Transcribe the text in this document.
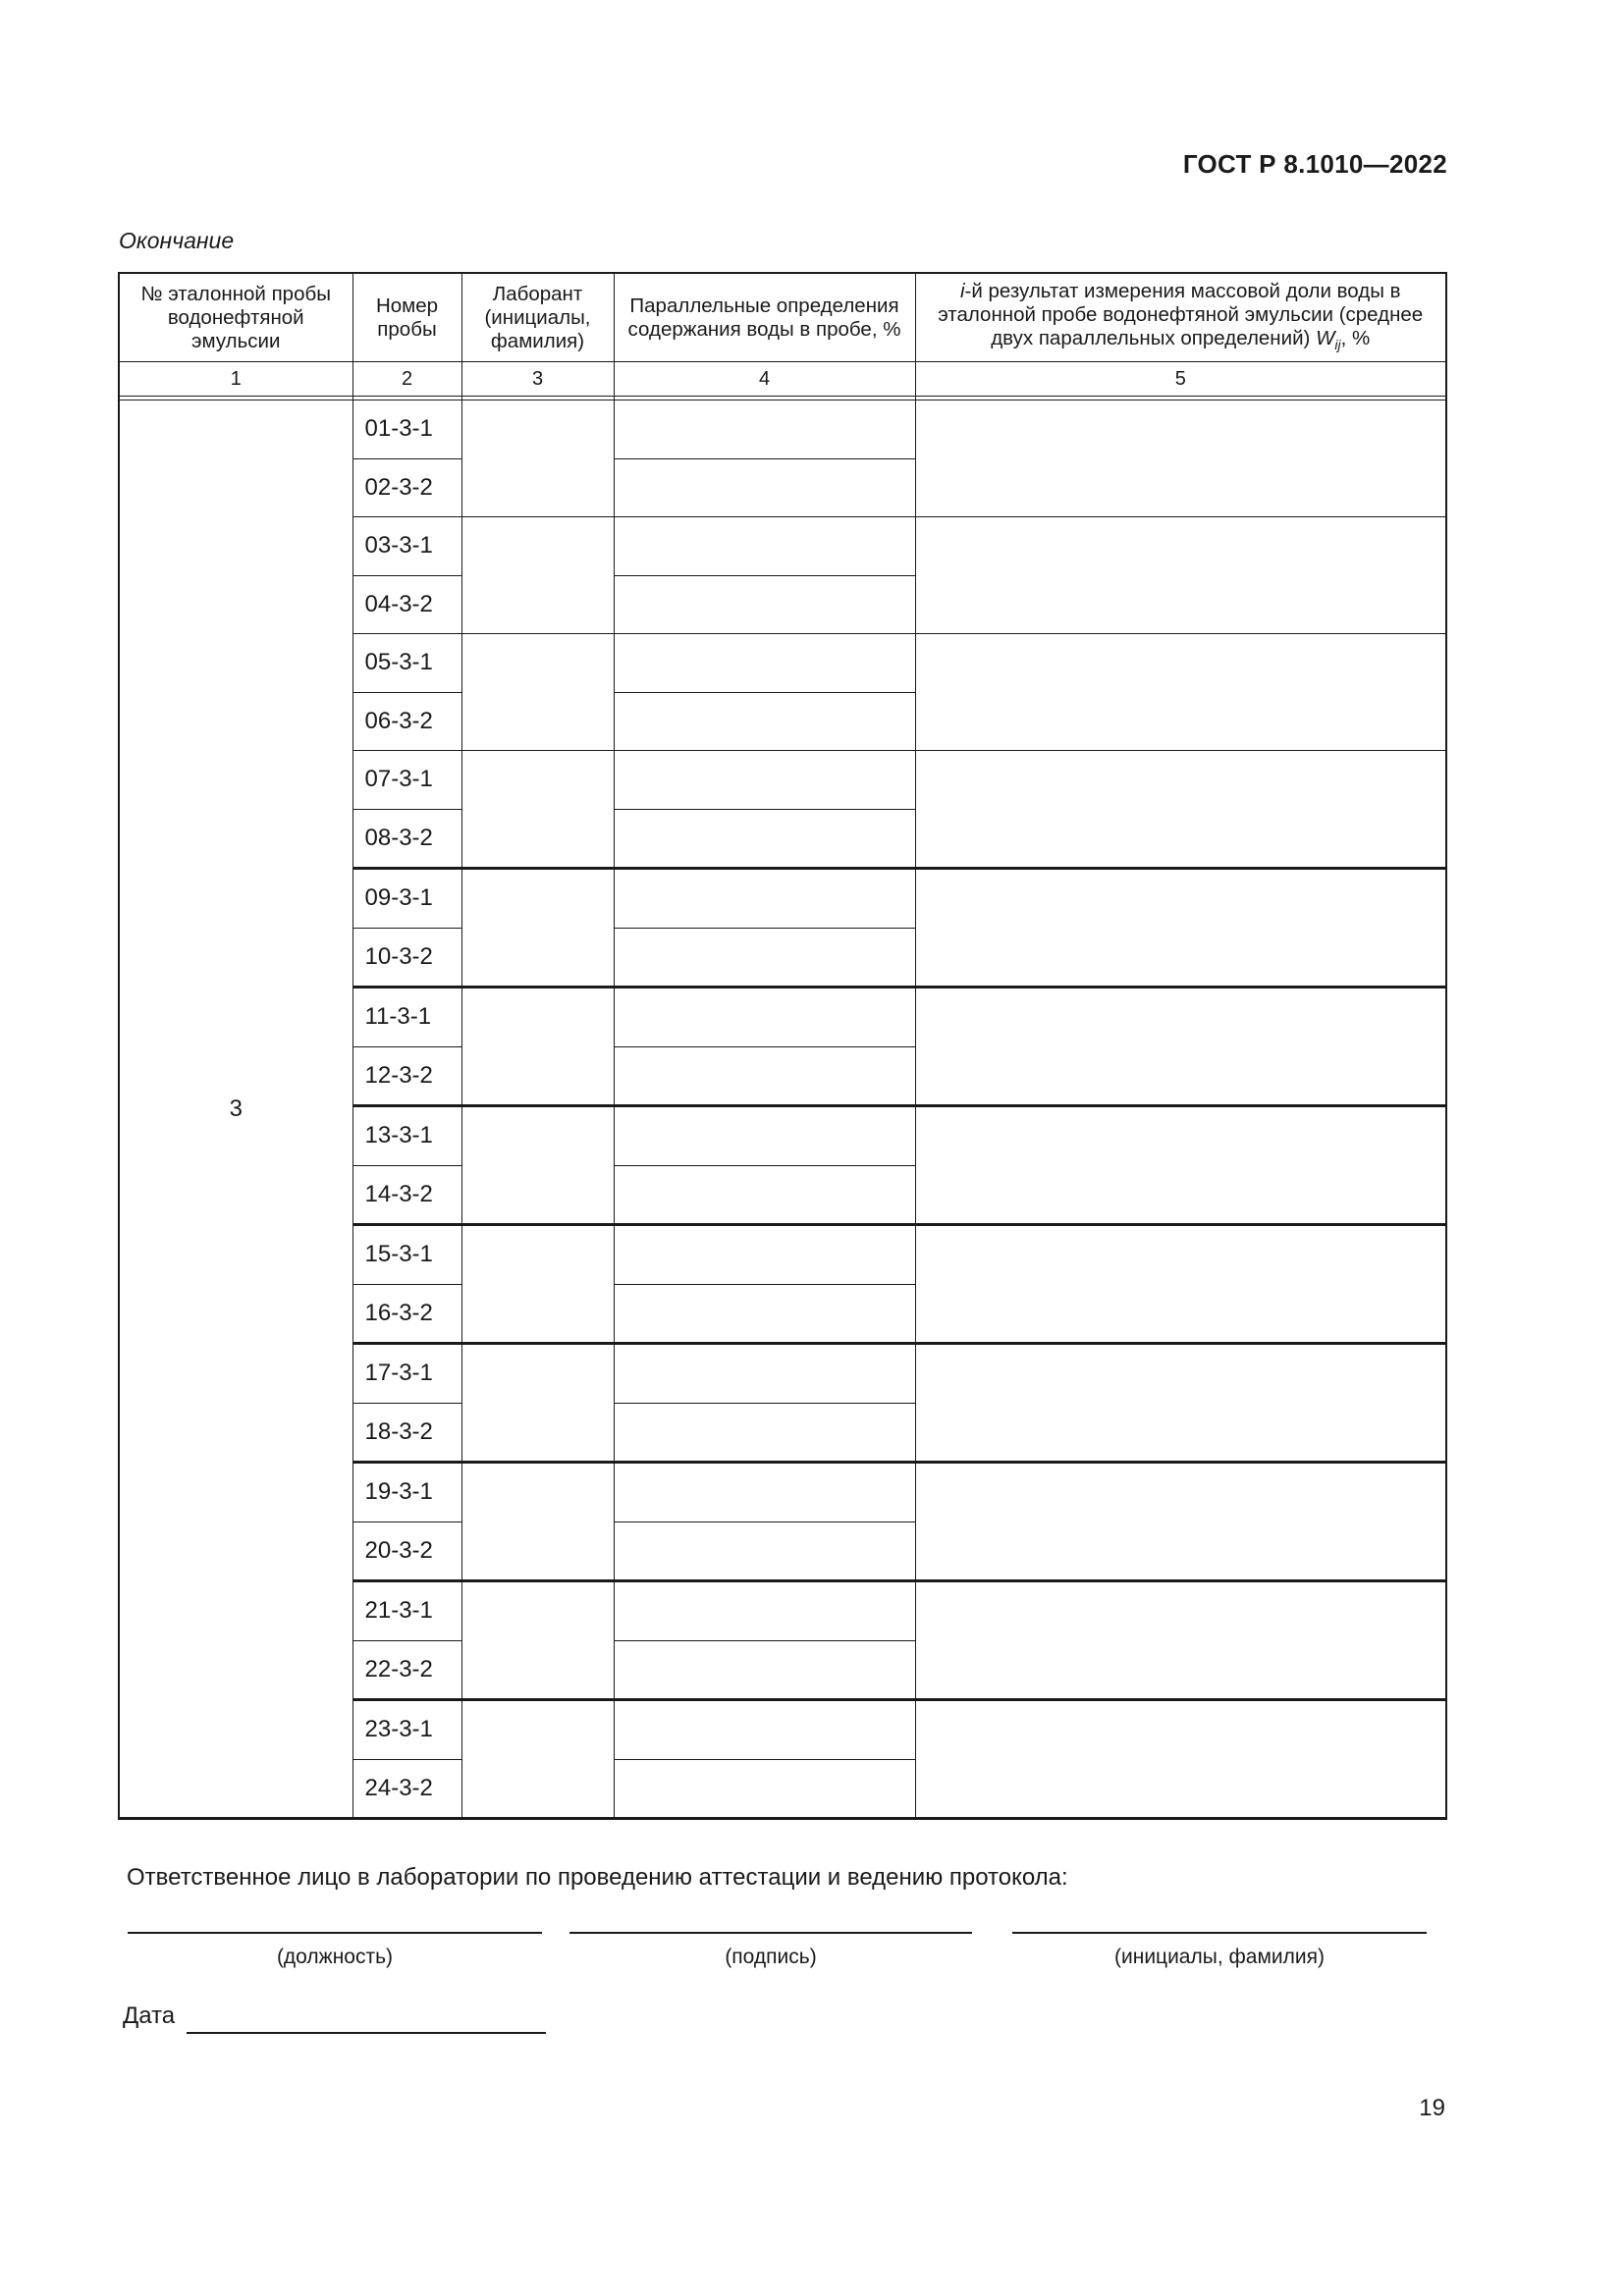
ГОСТ Р 8.1010—2022
Окончание
№ эталонной пробы водонефтяной эмульсии	Номер пробы	Лаборант (инициалы, фамилия)	Параллельные определения содержания воды в пробе, %	i-й результат измерения массовой доли воды в эталонной пробе водонефтяной эмульсии (среднее двух параллельных определений) $W_{ij}$, %
1	2	3	4	5

3	01-3-1			
	02-3-2			
	03-3-1			
	04-3-2			
	05-3-1			
	06-3-2			
	07-3-1			
	08-3-2			
	09-3-1			
	10-3-2			
	11-3-1			
	12-3-2			
	13-3-1			
	14-3-2			
	15-3-1			
	16-3-2			
	17-3-1			
	18-3-2			
	19-3-1			
	20-3-2			
	21-3-1			
	22-3-2			
	23-3-1			
	24-3-2			
Ответственное лицо в лаборатории по проведению аттестации и ведению протокола:
(должность)	(подпись)	(инициалы, фамилия)
Дата
19
